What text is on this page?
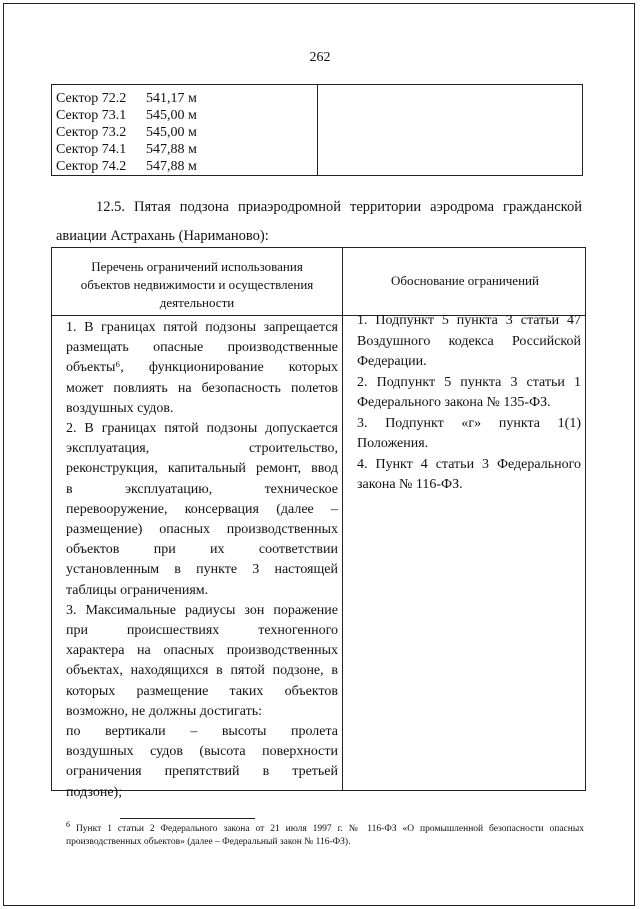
262
Сектор 72.2 541,17 м
Сектор 73.1 545,00 м
Сектор 73.2 545,00 м
Сектор 74.1 547,88 м
Сектор 74.2 547,88 м
12.5. Пятая подзона приаэродромной территории аэродрома гражданской
авиации Астрахань (Нариманово):
Перечень ограничений использования
объектов недвижимости и осуществления
деятельности
Обоснование ограничений
1. В границах пятой подзоны запрещается
размещать опасные производственные
объекты⁶, функционирование которых
может повлиять на безопасность полетов
воздушных судов.
2. В границах пятой подзоны допускается
эксплуатация, строительство,
реконструкция, капитальный ремонт, ввод
в эксплуатацию, техническое
перевооружение, консервация (далее –
размещение) опасных производственных
объектов при их соответствии
установленным в пункте 3 настоящей
таблицы ограничениям.
3. Максимальные радиусы зон поражение
при происшествиях техногенного
характера на опасных производственных
объектах, находящихся в пятой подзоне, в
которых размещение таких объектов
возможно, не должны достигать:
по вертикали – высоты пролета
воздушных судов (высота поверхности
ограничения препятствий в третьей
подзоне);
1. Подпункт 5 пункта 3 статьи 47
Воздушного кодекса Российской
Федерации.
2. Подпункт 5 пункта 3 статьи 1
Федерального закона № 135-ФЗ.
3. Подпункт «г» пункта 1(1)
Положения.
4. Пункт 4 статьи 3 Федерального
закона № 116-ФЗ.
$^6$ Пункт 1 статьи 2 Федерального закона от 21 июля 1997 г. № 116-ФЗ «О промышленной безопасности опасных
производственных объектов» (далее – Федеральный закон № 116-ФЗ).
